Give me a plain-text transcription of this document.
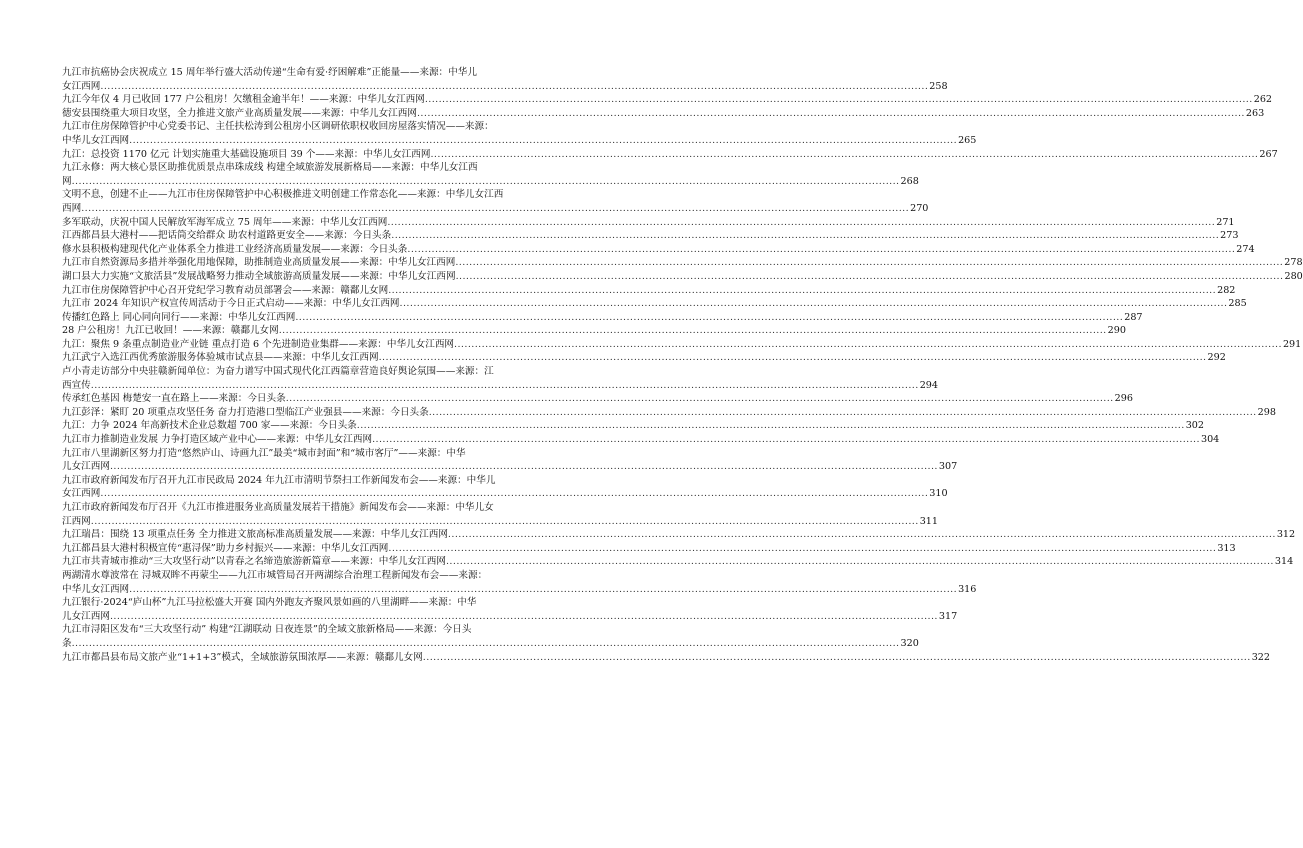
九江市抗癌协会庆祝成立 15 周年举行盛大活动传递“生命有爱·纾困解难”正能量——来源：中华儿
女江西网 .....	258
九江今年仅 4 月已收回 177 户公租房！欠缴租金逾半年！——来源：中华儿女江西网 .....	262
德安县围绕重大项目攻坚，全力推进文旅产业高质量发展——来源：中华儿女江西网 .....	263
九江市住房保障管护中心党委书记、主任扶松涛到公租房小区调研依职权收回房屋落实情况——来源：
中华儿女江西网 .....	265
九江：总投资 1170 亿元 计划实施重大基础设施项目 39 个——来源：中华儿女江西网 .....	267
九江永修：两大核心景区助推优质景点串珠成线 构建全域旅游发展新格局——来源：中华儿女江西
网 .....	268
文明不息，创建不止——九江市住房保障管护中心积极推进文明创建工作常态化——来源：中华儿女江西
西网 .....	270
多军联动，庆祝中国人民解放军海军成立 75 周年——来源：中华儿女江西网 .....	271
江西都昌县大港村——把话筒交给群众 助农村道路更安全——来源：今日头条 .....	273
修水县积极构建现代化产业体系全力推进工业经济高质量发展——来源：今日头条 .....	274
九江市自然资源局多措并举强化用地保障，助推制造业高质量发展——来源：中华儿女江西网 .....	278
湖口县大力实施“文旅活县”发展战略努力推动全域旅游高质量发展——来源：中华儿女江西网 .....	280
九江市住房保障管护中心召开党纪学习教育动员部署会——来源：赣鄱儿女网 .....	282
九江市 2024 年知识产权宣传周活动于今日正式启动——来源：中华儿女江西网 .....	285
传播红色路上 同心同向同行——来源：中华儿女江西网 .....	287
28 户公租房！九江已收回！——来源：赣鄱儿女网 .....	290
九江：聚焦 9 条重点制造业产业链 重点打造 6 个先进制造业集群——来源：中华儿女江西网 .....	291
九江武宁入选江西优秀旅游服务体验城市试点县——来源：中华儿女江西网 .....	292
卢小青走访部分中央驻赣新闻单位：为奋力谱写中国式现代化江西篇章营造良好舆论氛围——来源：江
西宣传 .....	294
传承红色基因 梅楚安一直在路上——来源：今日头条 .....	296
九江彭泽：紧盯 20 项重点攻坚任务 奋力打造港口型临江产业强县——来源：今日头条 .....	298
九江：力争 2024 年高新技术企业总数超 700 家——来源：今日头条 .....	302
九江市力推制造业发展 力争打造区域产业中心——来源：中华儿女江西网 .....	304
九江市八里湖新区努力打造“悠然庐山、诗画九江”最美“城市封面”和“城市客厅”——来源：中华
儿女江西网 .....	307
九江市政府新闻发布厅召开九江市民政局 2024 年九江市清明节祭扫工作新闻发布会——来源：中华儿
女江西网 .....	310
九江市政府新闻发布厅召开《九江市推进服务业高质量发展若干措施》新闻发布会——来源：中华儿女
江西网 .....	311
九江瑞昌：围绕 13 项重点任务 全力推进文旅高标准高质量发展——来源：中华儿女江西网 .....	312
九江都昌县大港村积极宣传“惠浔保”助力乡村振兴——来源：中华儿女江西网 .....	313
九江市共青城市推动“三大攻坚行动”以青春之名缔造旅游新篇章——来源：中华儿女江西网 .....	314
两湖清水尊波常在 浔城双眸不再蒙尘——九江市城管局召开两湖综合治理工程新闻发布会——来源：
中华儿女江西网 .....	316
九江银行·2024“庐山杯”九江马拉松盛大开赛 国内外跑友齐聚风景如画的八里湖畔——来源：中华
儿女江西网 .....	317
九江市浔阳区发布“三大攻坚行动” 构建“江湖联动 日夜连景”的全域文旅新格局——来源：今日头
条 .....	320
九江市都昌县布局文旅产业“1+1+3”模式，全域旅游氛围浓厚——来源：赣鄱儿女网 .....	322
